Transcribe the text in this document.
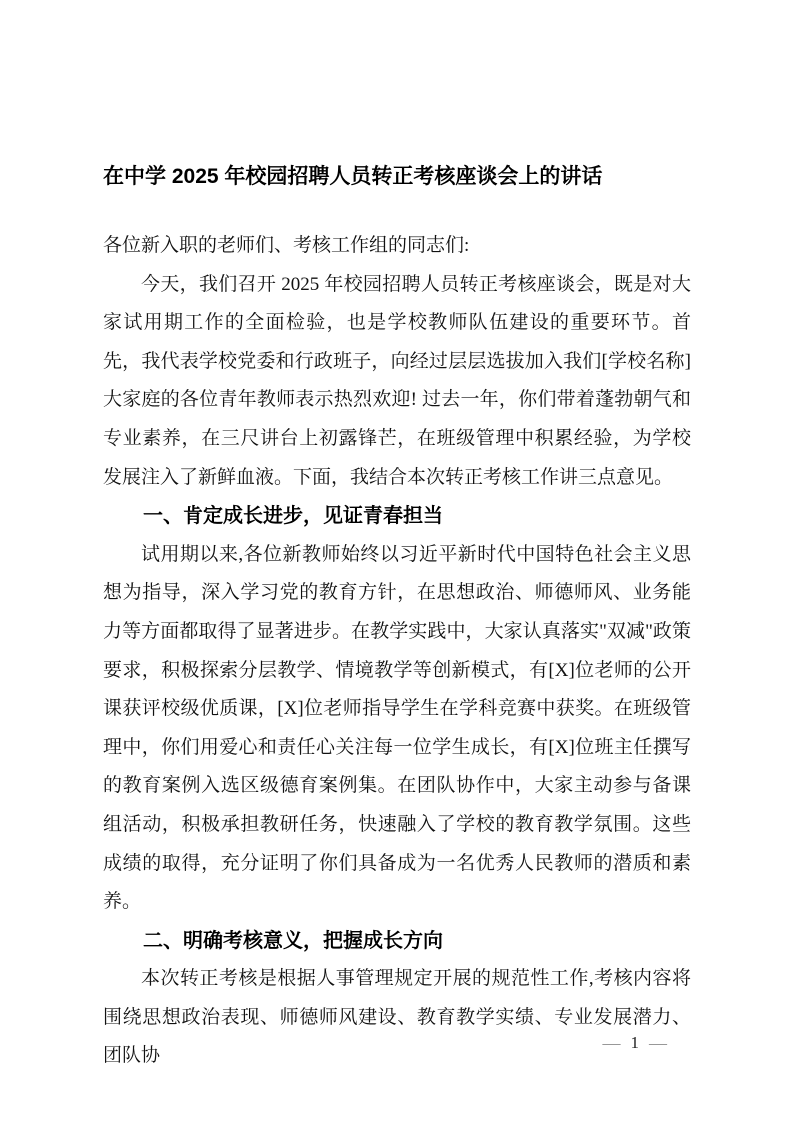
在中学 2025 年校园招聘人员转正考核座谈会上的讲话

各位新入职的老师们、考核工作组的同志们:

今天，我们召开 2025 年校园招聘人员转正考核座谈会，既是对大家试用期工作的全面检验，也是学校教师队伍建设的重要环节。首先，我代表学校党委和行政班子，向经过层层选拔加入我们[学校名称]大家庭的各位青年教师表示热烈欢迎! 过去一年，你们带着蓬勃朝气和专业素养，在三尺讲台上初露锋芒，在班级管理中积累经验，为学校发展注入了新鲜血液。下面，我结合本次转正考核工作讲三点意见。

一、肯定成长进步，见证青春担当

试用期以来,各位新教师始终以习近平新时代中国特色社会主义思想为指导，深入学习党的教育方针，在思想政治、师德师风、业务能力等方面都取得了显著进步。在教学实践中，大家认真落实"双减"政策要求，积极探索分层教学、情境教学等创新模式，有[X]位老师的公开课获评校级优质课，[X]位老师指导学生在学科竞赛中获奖。在班级管理中，你们用爱心和责任心关注每一位学生成长，有[X]位班主任撰写的教育案例入选区级德育案例集。在团队协作中，大家主动参与备课组活动，积极承担教研任务，快速融入了学校的教育教学氛围。这些成绩的取得，充分证明了你们具备成为一名优秀人民教师的潜质和素养。

二、明确考核意义，把握成长方向

本次转正考核是根据人事管理规定开展的规范性工作,考核内容将围绕思想政治表现、师德师风建设、教育教学实绩、专业发展潜力、团队协

— 1 —
